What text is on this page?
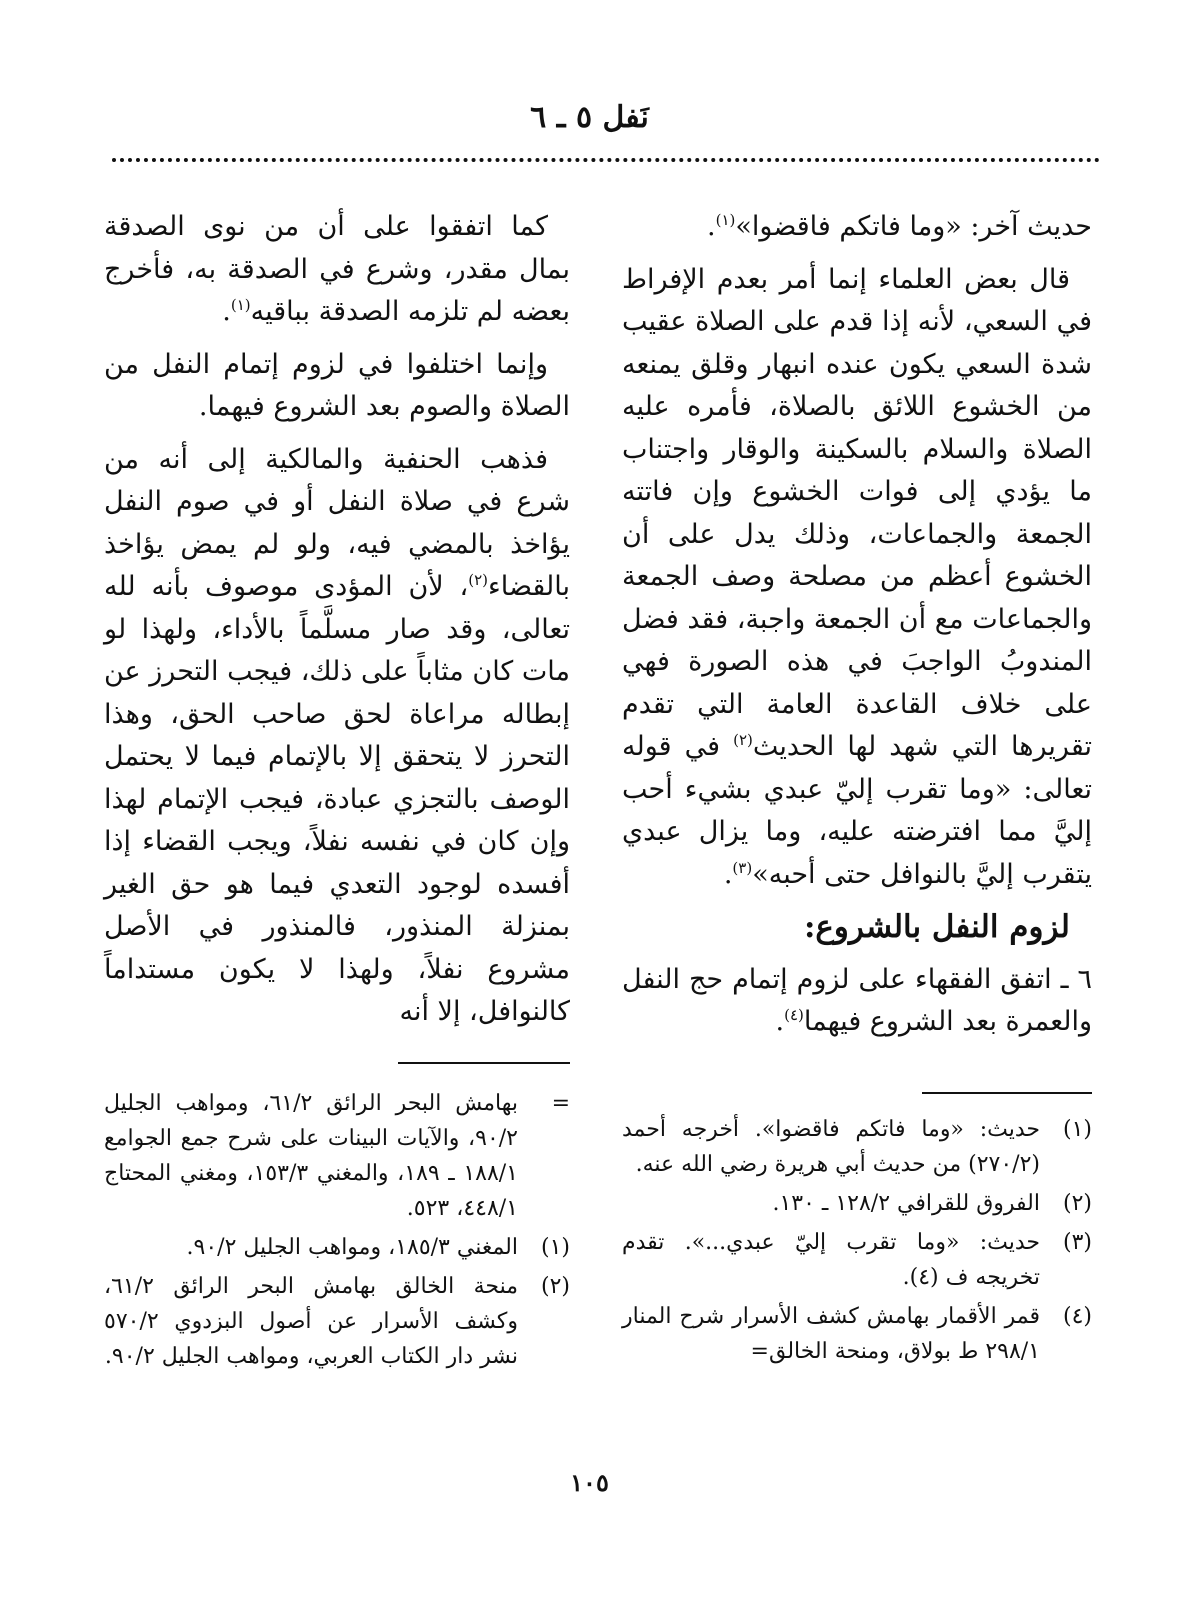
نَفل ٥ ـ ٦

حديث آخر: «وما فاتكم فاقضوا»$^{(١)}$.

قال بعض العلماء إنما أمر بعدم الإفراط في السعي، لأنه إذا قدم على الصلاة عقيب شدة السعي يكون عنده انبهار وقلق يمنعه من الخشوع اللائق بالصلاة، فأمره عليه الصلاة والسلام بالسكينة والوقار واجتناب ما يؤدي إلى فوات الخشوع وإن فاتته الجمعة والجماعات، وذلك يدل على أن الخشوع أعظم من مصلحة وصف الجمعة والجماعات مع أن الجمعة واجبة، فقد فضل المندوبُ الواجبَ في هذه الصورة فهي على خلاف القاعدة العامة التي تقدم تقريرها التي شهد لها الحديث$^{(٢)}$ في قوله تعالى: «وما تقرب إليّ عبدي بشيء أحب إليَّ مما افترضته عليه، وما يزال عبدي يتقرب إليَّ بالنوافل حتى أحبه»$^{(٣)}$.

لزوم النفل بالشروع:

٦ ـ اتفق الفقهاء على لزوم إتمام حج النفل والعمرة بعد الشروع فيهما$^{(٤)}$.

كما اتفقوا على أن من نوى الصدقة بمال مقدر، وشرع في الصدقة به، فأخرج بعضه لم تلزمه الصدقة بباقيه$^{(١)}$.

وإنما اختلفوا في لزوم إتمام النفل من الصلاة والصوم بعد الشروع فيهما.

فذهب الحنفية والمالكية إلى أنه من شرع في صلاة النفل أو في صوم النفل يؤاخذ بالمضي فيه، ولو لم يمض يؤاخذ بالقضاء$^{(٢)}$، لأن المؤدى موصوف بأنه لله تعالى، وقد صار مسلَّماً بالأداء، ولهذا لو مات كان مثاباً على ذلك، فيجب التحرز عن إبطاله مراعاة لحق صاحب الحق، وهذا التحرز لا يتحقق إلا بالإتمام فيما لا يحتمل الوصف بالتجزي عبادة، فيجب الإتمام لهذا وإن كان في نفسه نفلاً، ويجب القضاء إذا أفسده لوجود التعدي فيما هو حق الغير بمنزلة المنذور، فالمنذور في الأصل مشروع نفلاً، ولهذا لا يكون مستداماً كالنوافل، إلا أنه

(١)
حديث: «وما فاتكم فاقضوا». أخرجه أحمد (٢٧٠/٢) من حديث أبي هريرة رضي الله عنه.
(٢)
الفروق للقرافي ١٢٨/٢ ـ ١٣٠.
(٣)
حديث: «وما تقرب إليّ عبدي...». تقدم تخريجه ف (٤).
(٤)
قمر الأقمار بهامش كشف الأسرار شرح المنار ٢٩٨/١ ط بولاق، ومنحة الخالق=
=
بهامش البحر الرائق ٦١/٢، ومواهب الجليل ٩٠/٢، والآيات البينات على شرح جمع الجوامع ١٨٨/١ ـ ١٨٩، والمغني ١٥٣/٣، ومغني المحتاج ٤٤٨/١، ٥٢٣.
(١)
المغني ١٨٥/٣، ومواهب الجليل ٩٠/٢.
(٢)
منحة الخالق بهامش البحر الرائق ٦١/٢، وكشف الأسرار عن أصول البزدوي ٥٧٠/٢ نشر دار الكتاب العربي، ومواهب الجليل ٩٠/٢.
١٠٥
